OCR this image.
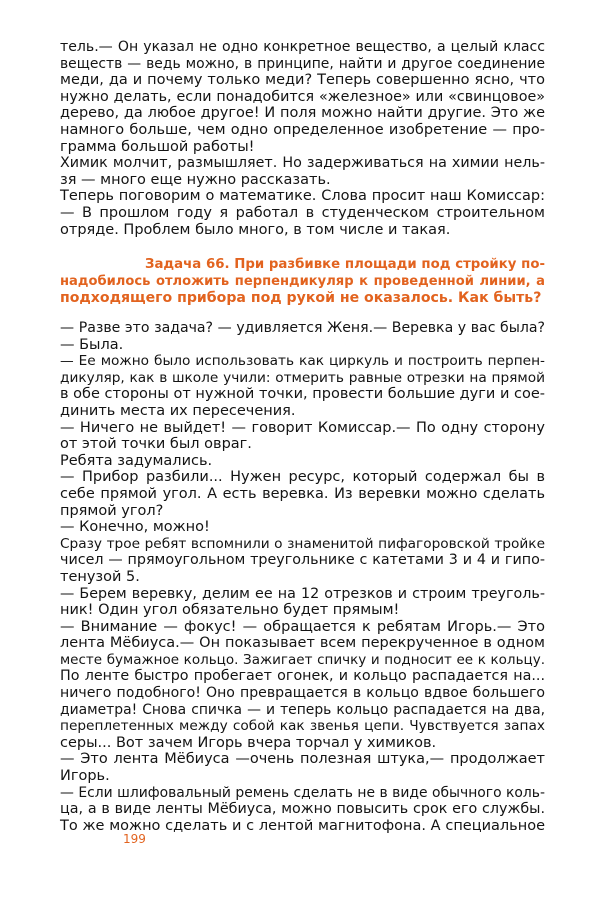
тель.— Он указал не одно конкретное вещество, а целый класс
веществ — ведь можно, в принципе, найти и другое соединение
меди, да и почему только меди? Теперь совершенно ясно, что
нужно делать, если понадобится «железное» или «свинцовое»
дерево, да любое другое! И поля можно найти другие. Это же
намного больше, чем одно определенное изобретение — про-
грамма большой работы!
Химик молчит, размышляет. Но задерживаться на химии нель-
зя — много еще нужно рассказать.
Теперь поговорим о математике. Слова просит наш Комиссар:
— В прошлом году я работал в студенческом строительном
отряде. Проблем было много, в том числе и такая.
Задача 66. При разбивке площади под стройку по-
надобилось отложить перпендикуляр к проведенной линии, а
подходящего прибора под рукой не оказалось. Как быть?
— Разве это задача? — удивляется Женя.— Веревка у вас была?
— Была.
— Ее можно было использовать как циркуль и построить перпен-
дикуляр, как в школе учили: отмерить равные отрезки на прямой
в обе стороны от нужной точки, провести большие дуги и сое-
динить места их пересечения.
— Ничего не выйдет! — говорит Комиссар.— По одну сторону
от этой точки был овраг.
Ребята задумались.
— Прибор разбили... Нужен ресурс, который содержал бы в
себе прямой угол. А есть веревка. Из веревки можно сделать
прямой угол?
— Конечно, можно!
Сразу трое ребят вспомнили о знаменитой пифагоровской тройке
чисел — прямоугольном треугольнике с катетами 3 и 4 и гипо-
тенузой 5.
— Берем веревку, делим ее на 12 отрезков и строим треуголь-
ник! Один угол обязательно будет прямым!
— Внимание — фокус! — обращается к ребятам Игорь.— Это
лента Мёбиуса.— Он показывает всем перекрученное в одном
месте бумажное кольцо. Зажигает спичку и подносит ее к кольцу.
По ленте быстро пробегает огонек, и кольцо распадается на...
ничего подобного! Оно превращается в кольцо вдвое большего
диаметра! Снова спичка — и теперь кольцо распадается на два,
переплетенных между собой как звенья цепи. Чувствуется запах
серы... Вот зачем Игорь вчера торчал у химиков.
— Это лента Мёбиуса —очень полезная штука,— продолжает
Игорь.
— Если шлифовальный ремень сделать не в виде обычного коль-
ца, а в виде ленты Мёбиуса, можно повысить срок его службы.
То же можно сделать и с лентой магнитофона. А специальное
199
